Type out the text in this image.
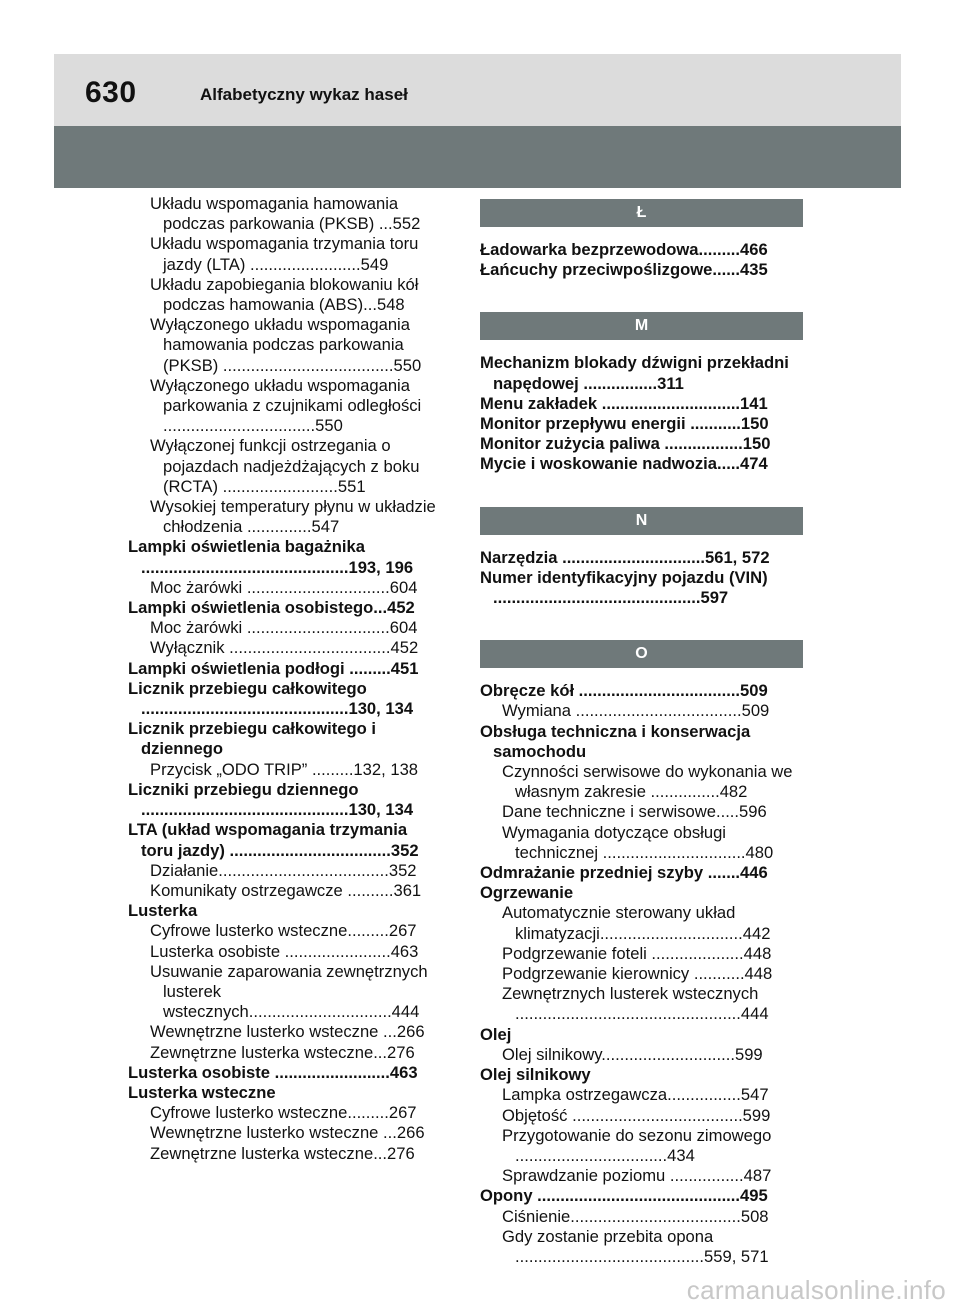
630	Alfabetyczny wykaz haseł
Układu wspomagania hamowania podczas parkowania (PKSB) ...552
Układu wspomagania trzymania toru jazdy (LTA) ........................549
Układu zapobiegania blokowaniu kół podczas hamowania (ABS)...548
Wyłączonego układu wspomagania hamowania podczas parkowania (PKSB) .....................................550
Wyłączonego układu wspomagania parkowania z czujnikami odległości .................................550
Wyłączonej funkcji ostrzegania o pojazdach nadjeżdżających z boku (RCTA) .........................551
Wysokiej temperatury płynu w układzie chłodzenia ..............547
Lampki oświetlenia bagażnika .............................................193, 196
Moc żarówki ...............................604
Lampki oświetlenia osobistego...452
Moc żarówki ...............................604
Wyłącznik ...................................452
Lampki oświetlenia podłogi .........451
Licznik przebiegu całkowitego .............................................130, 134
Licznik przebiegu całkowitego i dziennego
Przycisk „ODO TRIP” .........132, 138
Liczniki przebiegu dziennego .............................................130, 134
LTA (układ wspomagania trzymania toru jazdy) ...................................352
Działanie.....................................352
Komunikaty ostrzegawcze ..........361
Lusterka
Cyfrowe lusterko wsteczne.........267
Lusterka osobiste .......................463
Usuwanie zaparowania zewnętrznych lusterek wstecznych...............................444
Wewnętrzne lusterko wsteczne ...266
Zewnętrzne lusterka wsteczne...276
Lusterka osobiste .........................463
Lusterka wsteczne
Cyfrowe lusterko wsteczne.........267
Wewnętrzne lusterko wsteczne ...266
Zewnętrzne lusterka wsteczne...276
Ł
Ładowarka bezprzewodowa.........466
Łańcuchy przeciwpoślizgowe......435
M
Mechanizm blokady dźwigni przekładni napędowej ................311
Menu zakładek ..............................141
Monitor przepływu energii ...........150
Monitor zużycia paliwa .................150
Mycie i woskowanie nadwozia.....474
N
Narzędzia ...............................561, 572
Numer identyfikacyjny pojazdu (VIN) .............................................597
O
Obręcze kół ...................................509
Wymiana ....................................509
Obsługa techniczna i konserwacja samochodu
Czynności serwisowe do wykonania we własnym zakresie ...............482
Dane techniczne i serwisowe.....596
Wymagania dotyczące obsługi technicznej ...............................480
Odmrażanie przedniej szyby .......446
Ogrzewanie
Automatycznie sterowany układ klimatyzacji...............................442
Podgrzewanie foteli ....................448
Podgrzewanie kierownicy ...........448
Zewnętrznych lusterek wstecznych .................................................444
Olej
Olej silnikowy.............................599
Olej silnikowy
Lampka ostrzegawcza................547
Objętość .....................................599
Przygotowanie do sezonu zimowego .................................434
Sprawdzanie poziomu ................487
Opony ............................................495
Ciśnienie.....................................508
Gdy zostanie przebita opona .........................................559, 571
carmanualsonline.info
